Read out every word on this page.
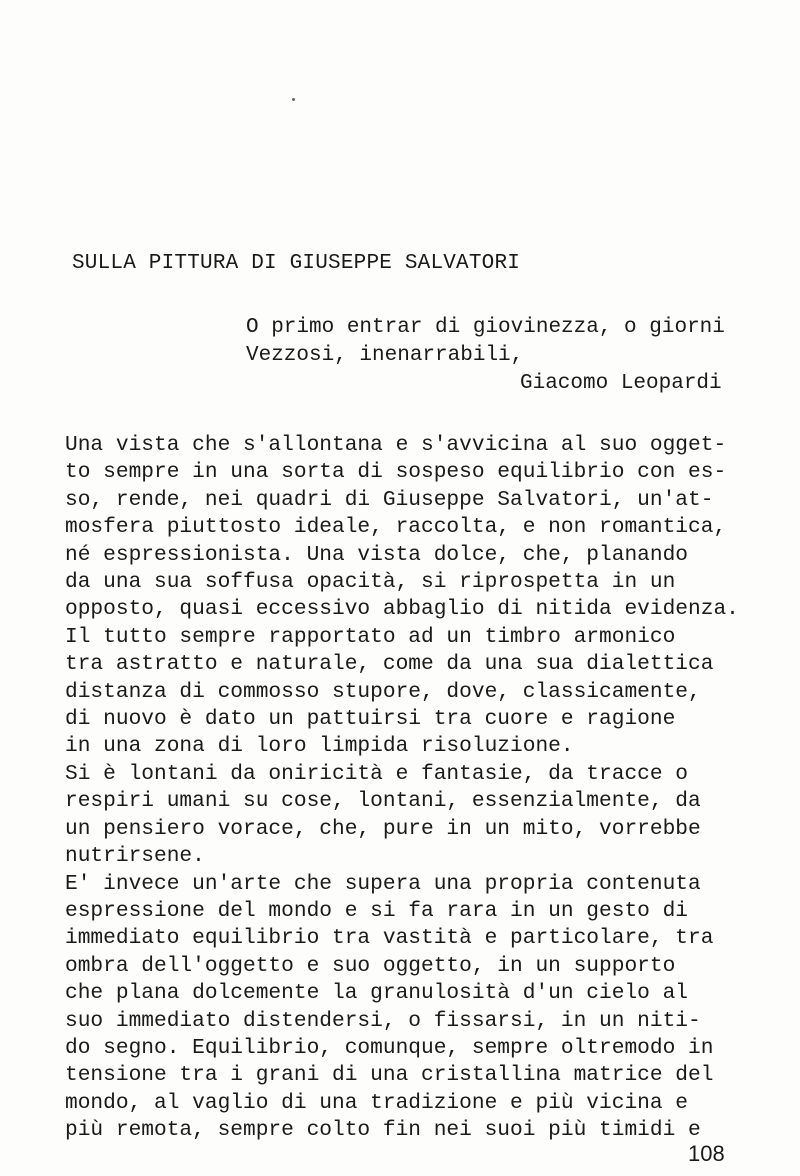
SULLA PITTURA DI GIUSEPPE SALVATORI
O primo entrar di giovinezza, o giorni
Vezzosi, inenarrabili,
Giacomo Leopardi
Una vista che s'allontana e s'avvicina al suo ogget-
to sempre in una sorta di sospeso equilibrio con es-
so, rende, nei quadri di Giuseppe Salvatori, un'at-
mosfera piuttosto ideale, raccolta, e non romantica,
né espressionista. Una vista dolce, che, planando
da una sua soffusa opacità, si riprospetta in un
opposto, quasi eccessivo abbaglio di nitida evidenza.
Il tutto sempre rapportato ad un timbro armonico
tra astratto e naturale, come da una sua dialettica
distanza di commosso stupore, dove, classicamente,
di nuovo è dato un pattuirsi tra cuore e ragione
in una zona di loro limpida risoluzione.
Si è lontani da oniricità e fantasie, da tracce o
respiri umani su cose, lontani, essenzialmente, da
un pensiero vorace, che, pure in un mito, vorrebbe
nutrirsene.
E' invece un'arte che supera una propria contenuta
espressione del mondo e si fa rara in un gesto di
immediato equilibrio tra vastità e particolare, tra
ombra dell'oggetto e suo oggetto, in un supporto
che plana dolcemente la granulosità d'un cielo al
suo immediato distendersi, o fissarsi, in un niti-
do segno. Equilibrio, comunque, sempre oltremodo in
tensione tra i grani di una cristallina matrice del
mondo, al vaglio di una tradizione e più vicina e
più remota, sempre colto fin nei suoi più timidi e
108
